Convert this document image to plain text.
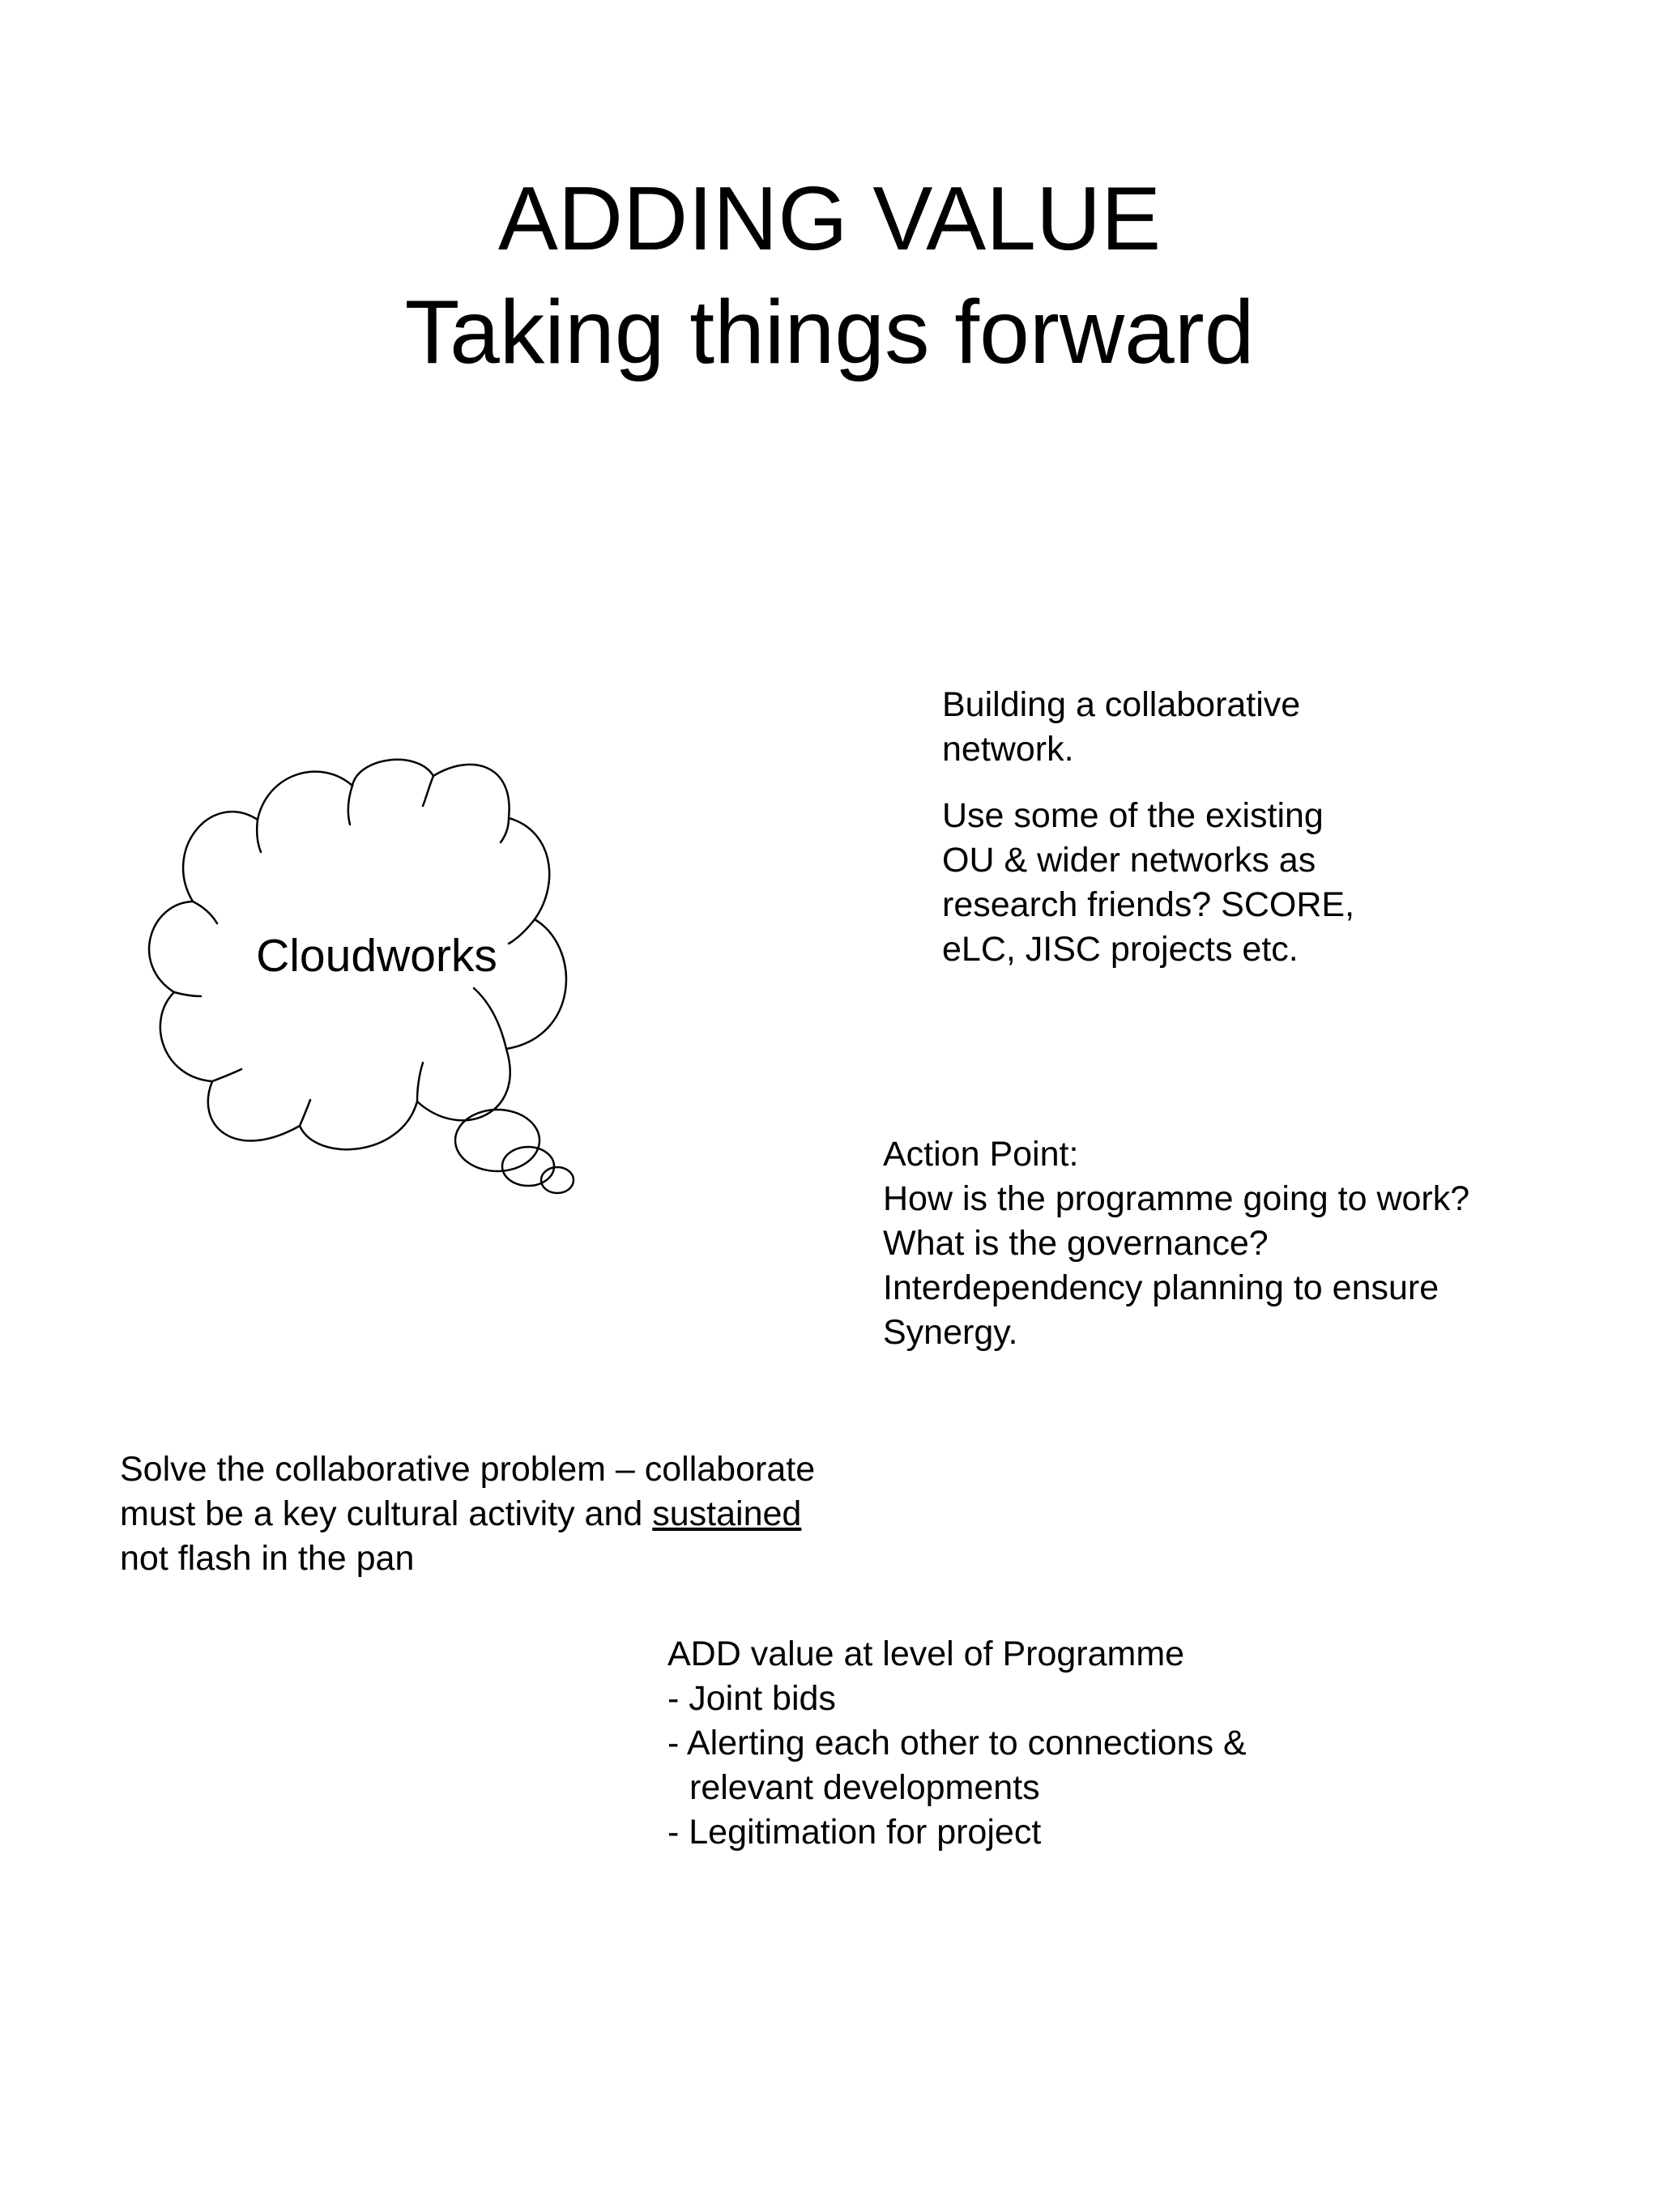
ADDING VALUE
Taking things forward
Cloudworks
Building a collaborative
network.
Use some of the existing
OU & wider networks as
research friends? SCORE,
eLC, JISC projects etc.
Action Point:
How is the programme going to work?
What is the governance?
Interdependency planning to ensure
Synergy.
Solve the collaborative problem – collaborate
must be a key cultural activity and sustained
not flash in the pan
ADD value at level of Programme
- Joint bids
- Alerting each other to connections &
relevant developments
- Legitimation for project
